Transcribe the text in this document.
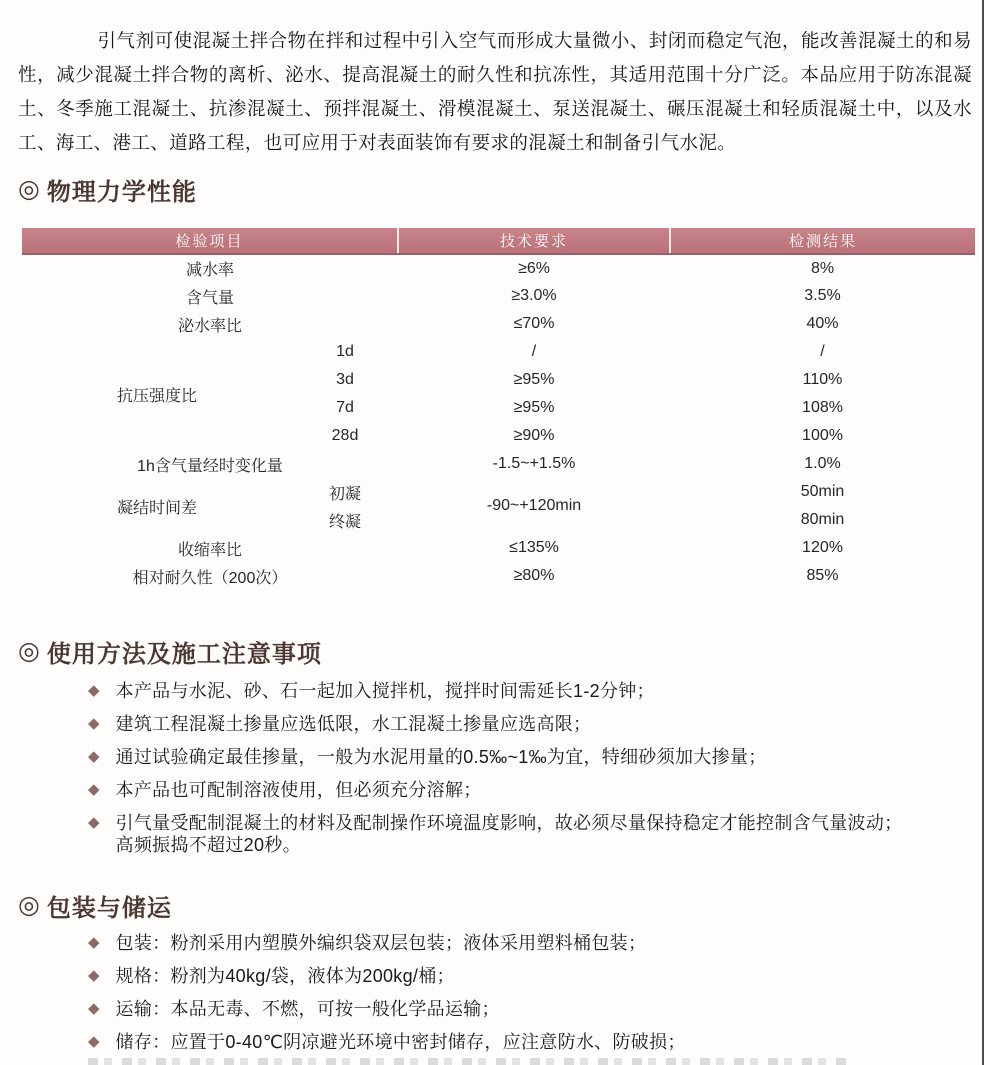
引气剂可使混凝土拌合物在拌和过程中引入空气而形成大量微小、封闭而稳定气泡，能改善混凝土的和易性，减少混凝土拌合物的离析、泌水、提高混凝土的耐久性和抗冻性，其适用范围十分广泛。本品应用于防冻混凝土、冬季施工混凝土、抗渗混凝土、预拌混凝土、滑模混凝土、泵送混凝土、碾压混凝土和轻质混凝土中，以及水工、海工、港工、道路工程，也可应用于对表面装饰有要求的混凝土和制备引气水泥。

◎ 物理力学性能
检验项目		技术要求	检测结果
减水率		≥6%	8%
含气量		≥3.0%	3.5%
泌水率比		≤70%	40%
抗压强度比	1d	/	/
	3d	≥95%	110%
	7d	≥95%	108%
	28d	≥90%	100%
1h含气量经时变化量		-1.5~+1.5%	1.0%
凝结时间差	初凝	-90~+120min	50min
	终凝		80min
收缩率比		≤135%	120%
相对耐久性（200次）		≥80%	85%
◎ 使用方法及施工注意事项
◆ 本产品与水泥、砂、石一起加入搅拌机，搅拌时间需延长1-2分钟；
◆ 建筑工程混凝土掺量应选低限，水工混凝土掺量应选高限；
◆ 通过试验确定最佳掺量，一般为水泥用量的0.5‰~1‰为宜，特细砂须加大掺量；
◆ 本产品也可配制溶液使用，但必须充分溶解；
◆ 引气量受配制混凝土的材料及配制操作环境温度影响，故必须尽量保持稳定才能控制含气量波动；高频振捣不超过20秒。
◎ 包装与储运
◆ 包装：粉剂采用内塑膜外编织袋双层包装；液体采用塑料桶包装；
◆ 规格：粉剂为40kg/袋，液体为200kg/桶；
◆ 运输：本品无毒、不燃，可按一般化学品运输；
◆ 储存：应置于0-40℃阴凉避光环境中密封储存，应注意防水、防破损；
